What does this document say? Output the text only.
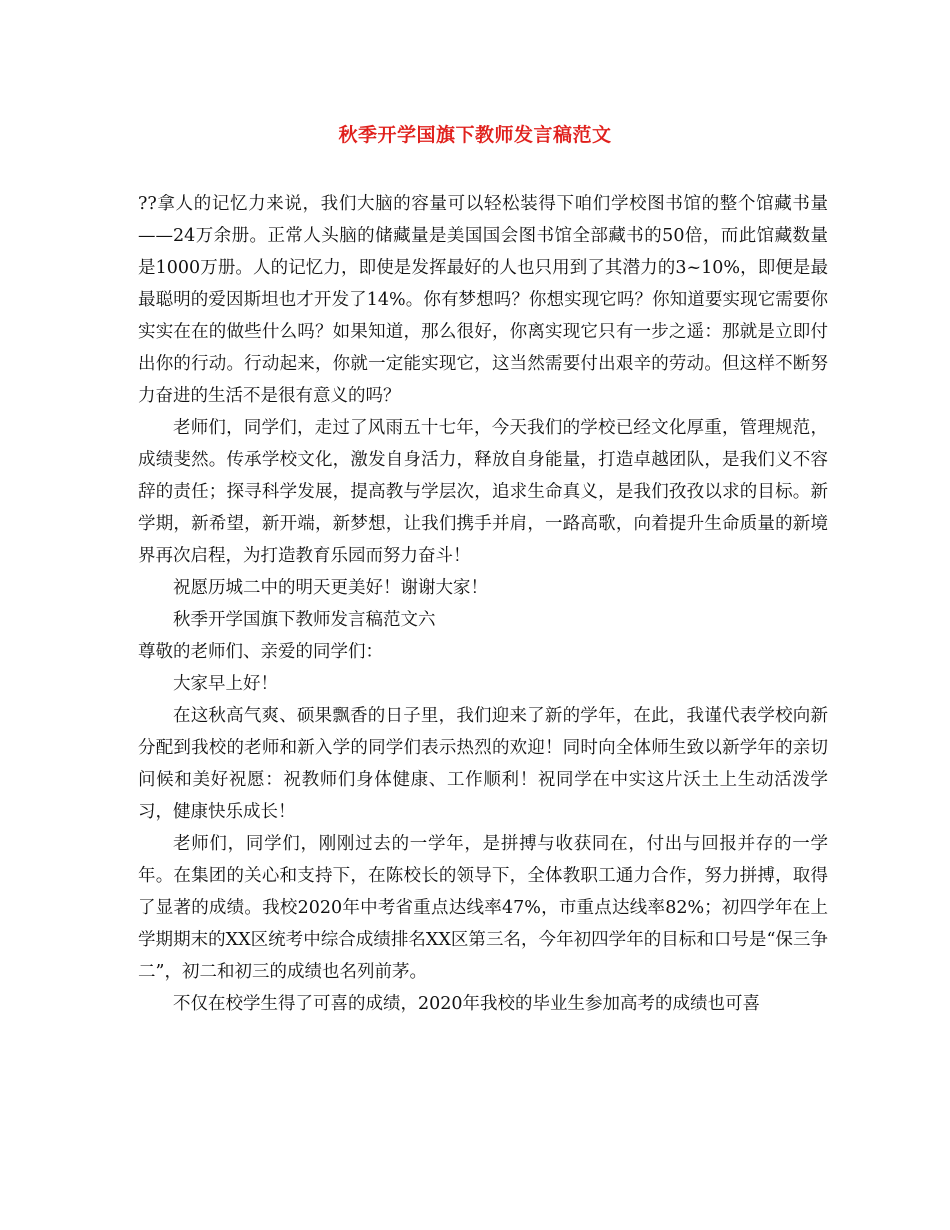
秋季开学国旗下教师发言稿范文

??拿人的记忆力来说，我们大脑的容量可以轻松装得下咱们学校图书馆的整个馆藏书量——24万余册。正常人头脑的储藏量是美国国会图书馆全部藏书的50倍，而此馆藏数量是1000万册。人的记忆力，即使是发挥最好的人也只用到了其潜力的3~10%，即便是最最聪明的爱因斯坦也才开发了14%。你有梦想吗？你想实现它吗？你知道要实现它需要你实实在在的做些什么吗？如果知道，那么很好，你离实现它只有一步之遥：那就是立即付出你的行动。行动起来，你就一定能实现它，这当然需要付出艰辛的劳动。但这样不断努力奋进的生活不是很有意义的吗？

老师们，同学们，走过了风雨五十七年，今天我们的学校已经文化厚重，管理规范，成绩斐然。传承学校文化，激发自身活力，释放自身能量，打造卓越团队，是我们义不容辞的责任；探寻科学发展，提高教与学层次，追求生命真义，是我们孜孜以求的目标。新学期，新希望，新开端，新梦想，让我们携手并肩，一路高歌，向着提升生命质量的新境界再次启程，为打造教育乐园而努力奋斗！

祝愿历城二中的明天更美好！谢谢大家！

秋季开学国旗下教师发言稿范文六

尊敬的老师们、亲爱的同学们：

大家早上好！

在这秋高气爽、硕果飘香的日子里，我们迎来了新的学年，在此，我谨代表学校向新分配到我校的老师和新入学的同学们表示热烈的欢迎！同时向全体师生致以新学年的亲切问候和美好祝愿：祝教师们身体健康、工作顺利！祝同学在中实这片沃土上生动活泼学习，健康快乐成长！

老师们，同学们，刚刚过去的一学年，是拼搏与收获同在，付出与回报并存的一学年。在集团的关心和支持下，在陈校长的领导下，全体教职工通力合作，努力拼搏，取得了显著的成绩。我校2020年中考省重点达线率47%，市重点达线率82%；初四学年在上学期期末的XX区统考中综合成绩排名XX区第三名，今年初四学年的目标和口号是“保三争二”，初二和初三的成绩也名列前茅。

不仅在校学生得了可喜的成绩，2020年我校的毕业生参加高考的成绩也可喜
